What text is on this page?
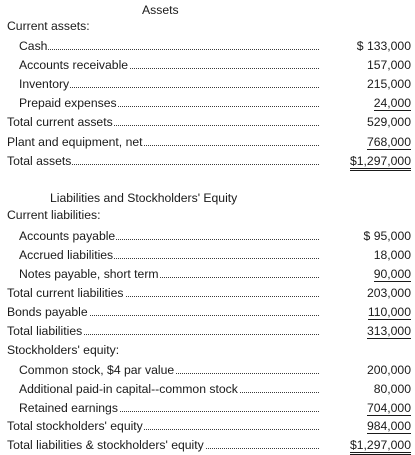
Assets
Liabilities and Stockholders' Equity
Current assets:
Cash	$ 133,000
Accounts receivable	157,000
Inventory	215,000
Prepaid expenses	24,000
Total current assets	529,000
Plant and equipment, net	768,000
Total assets	$1,297,000
Current liabilities:
Accounts payable	$ 95,000
Accrued liabilities	18,000
Notes payable, short term	90,000
Total current liabilities	203,000
Bonds payable	110,000
Total liabilities	313,000
Stockholders' equity:
Common stock, $4 par value	200,000
Additional paid-in capital--common stock	80,000
Retained earnings	704,000
Total stockholders' equity	984,000
Total liabilities & stockholders' equity	$1,297,000
